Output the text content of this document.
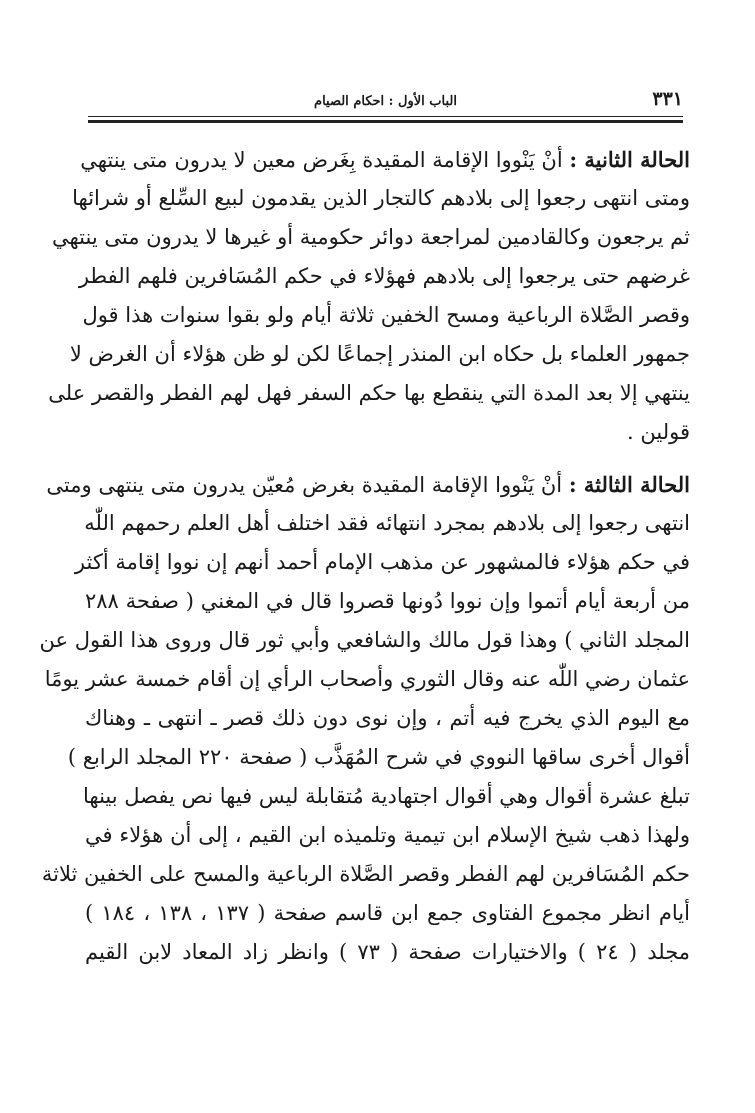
٣٣١
الباب الأول : احكام الصيام
الحالة الثانية : أنْ يَنْووا الإقامة المقيدة بِغَرض معين لا يدرون متى ينتهي
ومتى انتهى رجعوا إلى بلادهم كالتجار الذين يقدمون لبيع السِّلع أو شرائها
ثم يرجعون وكالقادمين لمراجعة دوائر حكومية أو غيرها لا يدرون متى ينتهي
غرضهم حتى يرجعوا إلى بلادهم فهؤلاء في حكم المُسَافرين فلهم الفطر
وقصر الصَّلاة الرباعية ومسح الخفين ثلاثة أيام ولو بقوا سنوات هذا قول
جمهور العلماء بل حكاه ابن المنذر إجماعًا لكن لو ظن هؤلاء أن الغرض لا
ينتهي إلا بعد المدة التي ينقطع بها حكم السفر فهل لهم الفطر والقصر على
قولين .
الحالة الثالثة : أنْ يَنْووا الإقامة المقيدة بغرض مُعيّن يدرون متى ينتهى ومتى
انتهى رجعوا إلى بلادهم بمجرد انتهائه فقد اختلف أهل العلم رحمهم اللّٰه
في حكم هؤلاء فالمشهور عن مذهب الإمام أحمد أنهم إن نووا إقامة أكثر
من أربعة أيام أتموا وإن نووا دُونها قصروا قال في المغني ( صفحة ٢٨٨
المجلد الثاني ) وهذا قول مالك والشافعي وأبي ثور قال وروى هذا القول عن
عثمان رضي اللّٰه عنه وقال الثوري وأصحاب الرأي إن أقام خمسة عشر يومًا
مع اليوم الذي يخرج فيه أتم ، وإن نوى دون ذلك قصر ـ انتهى ـ وهناك
أقوال أخرى ساقها النووي في شرح المُهَذَّب ( صفحة ٢٢٠ المجلد الرابع )
تبلغ عشرة أقوال وهي أقوال اجتهادية مُتقابلة ليس فيها نص يفصل بينها
ولهذا ذهب شيخ الإسلام ابن تيمية وتلميذه ابن القيم ، إلى أن هؤلاء في
حكم المُسَافرين لهم الفطر وقصر الصَّلاة الرباعية والمسح على الخفين ثلاثة
أيام انظر مجموع الفتاوى جمع ابن قاسم صفحة ( ١٣٧ ، ١٣٨ ، ١٨٤ )
مجلد ( ٢٤ ) والاختيارات صفحة ( ٧٣ ) وانظر زاد المعاد لابن القيم
